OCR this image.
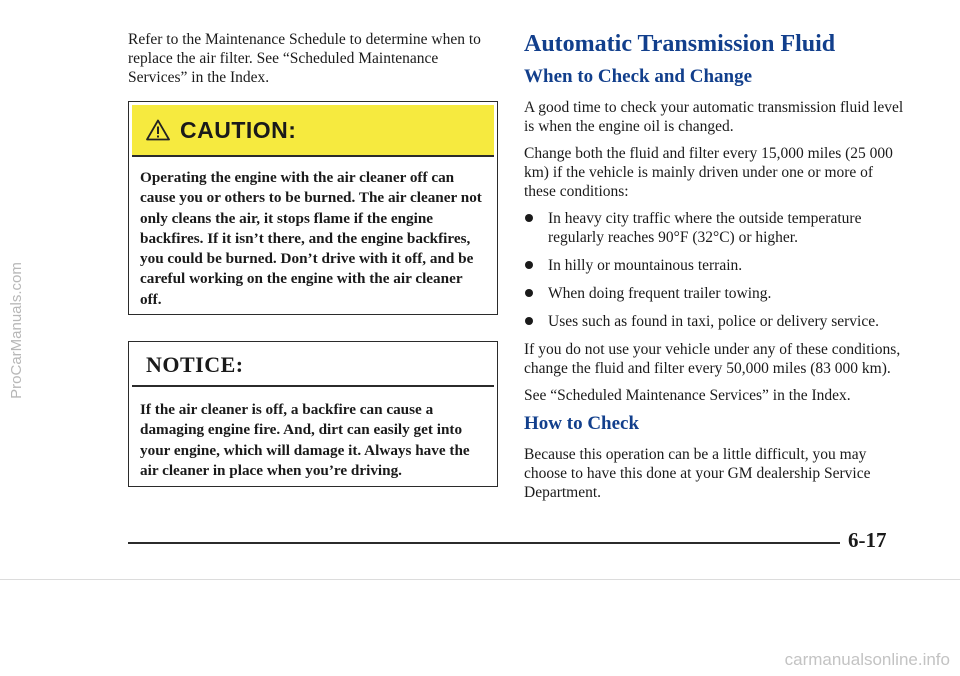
ProCarManuals.com

Refer to the Maintenance Schedule to determine when to replace the air filter. See “Scheduled Maintenance Services” in the Index.

CAUTION:
Operating the engine with the air cleaner off can cause you or others to be burned. The air cleaner not only cleans the air, it stops flame if the engine backfires. If it isn’t there, and the engine backfires, you could be burned. Don’t drive with it off, and be careful working on the engine with the air cleaner off.
NOTICE:
If the air cleaner is off, a backfire can cause a damaging engine fire. And, dirt can easily get into your engine, which will damage it. Always have the air cleaner in place when you’re driving.
Automatic Transmission Fluid
When to Check and Change

A good time to check your automatic transmission fluid level is when the engine oil is changed.

Change both the fluid and filter every 15,000 miles (25 000 km) if the vehicle is mainly driven under one or more of these conditions:

In heavy city traffic where the outside temperature regularly reaches 90°F (32°C) or higher.
In hilly or mountainous terrain.
When doing frequent trailer towing.
Uses such as found in taxi, police or delivery service.

If you do not use your vehicle under any of these conditions, change the fluid and filter every 50,000 miles (83 000 km).

See “Scheduled Maintenance Services” in the Index.

How to Check

Because this operation can be a little difficult, you may choose to have this done at your GM dealership Service Department.

6-17
carmanualsonline.info
